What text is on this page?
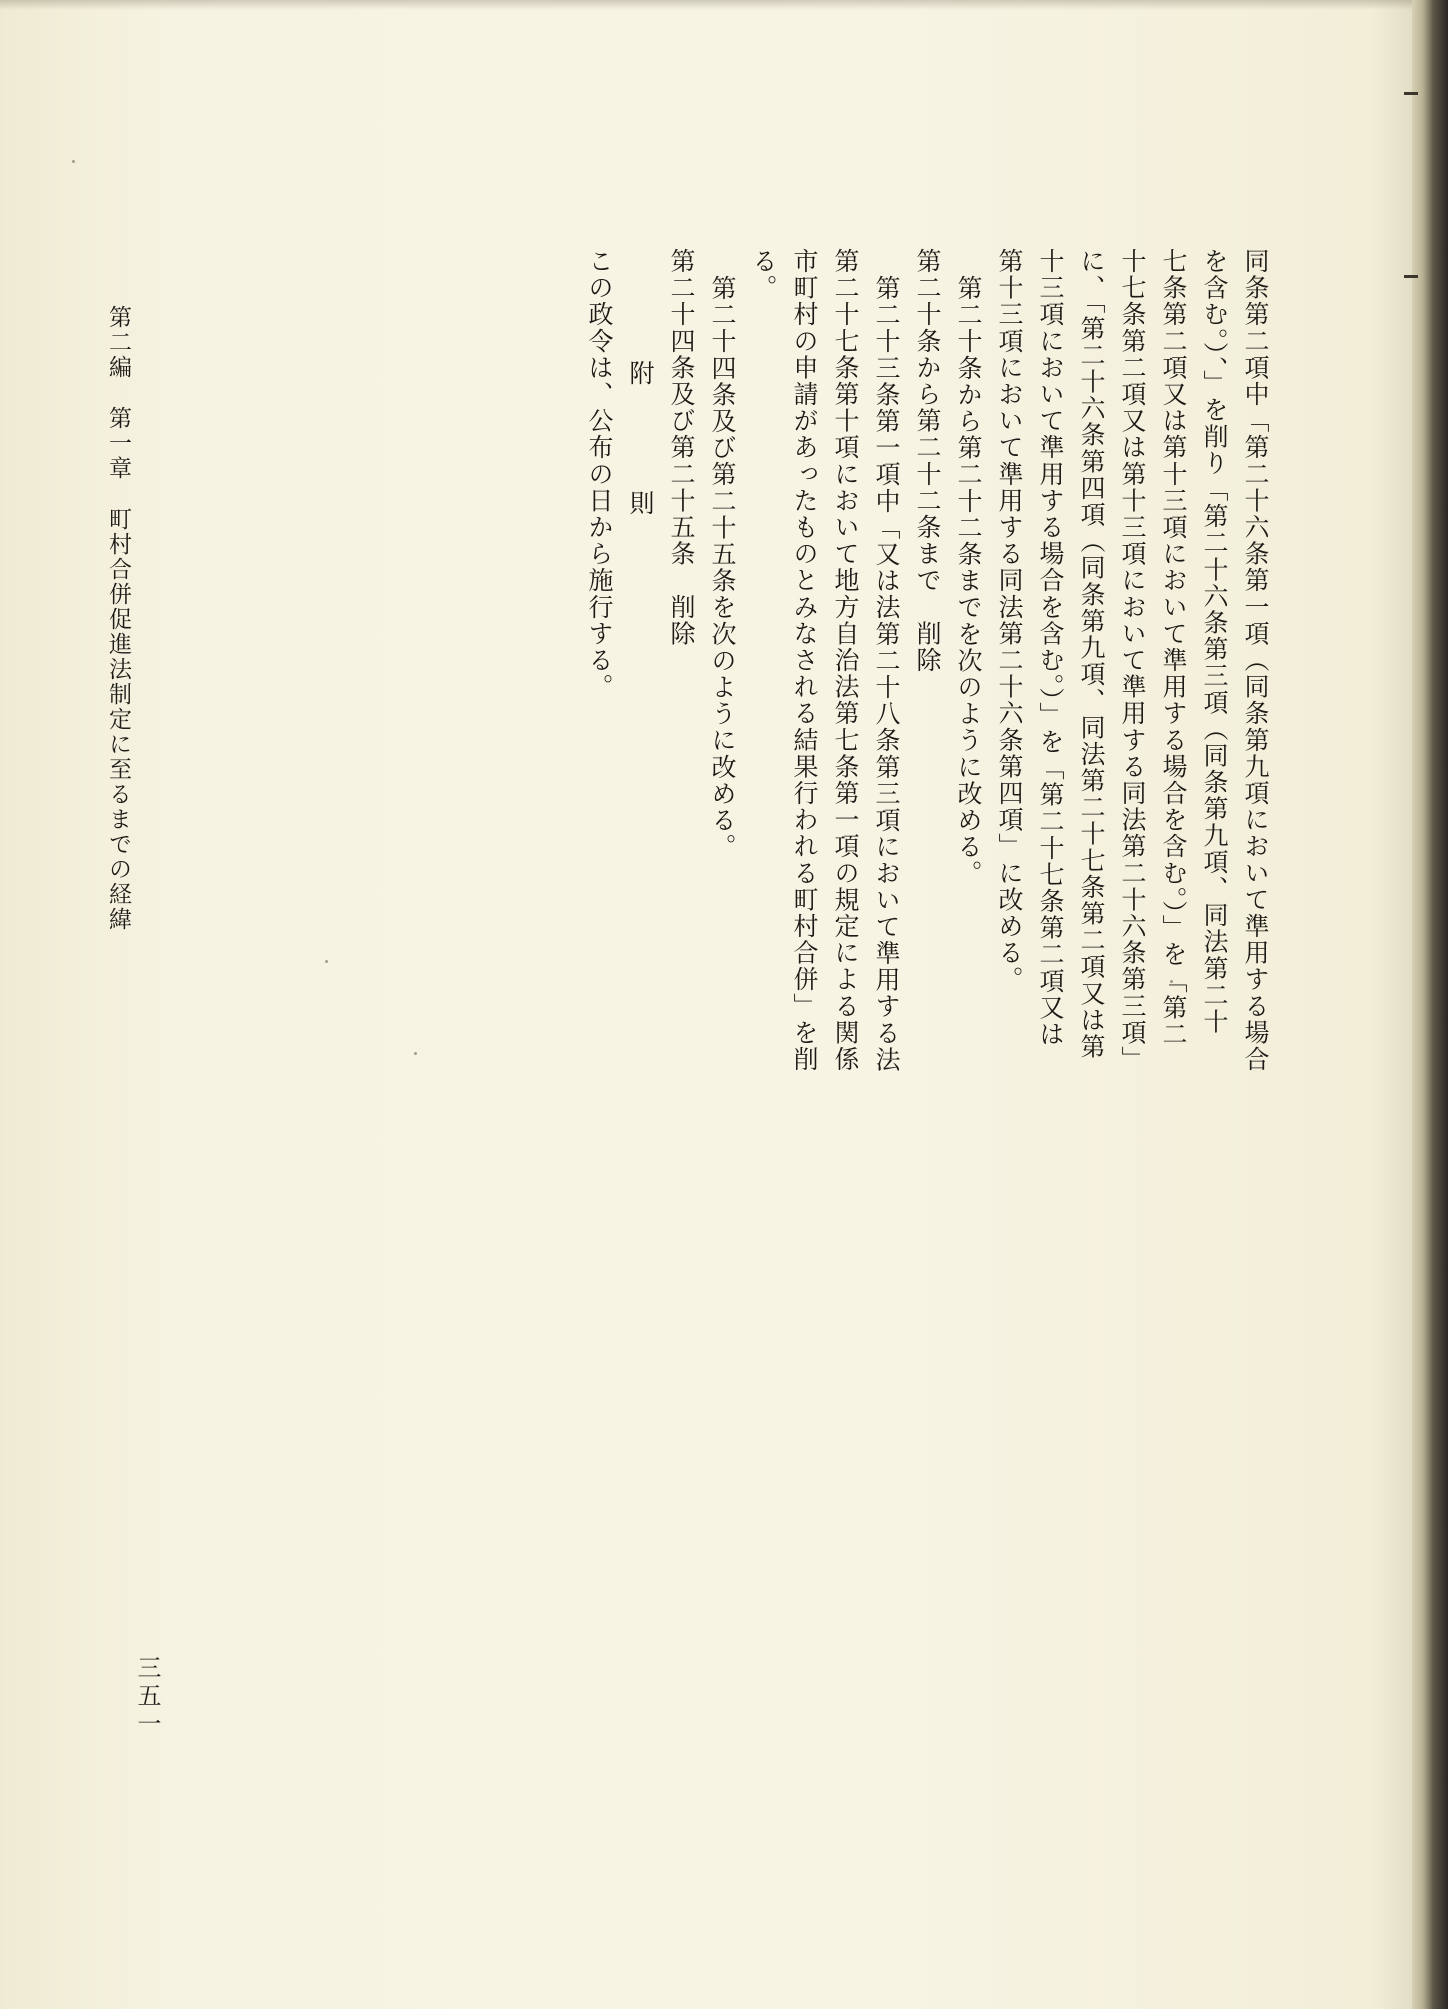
同条第二項中「第二十六条第一項（同条第九項において準用する場合
を含む。）、」を削り「第二十六条第三項（同条第九項、同法第二十
七条第二項又は第十三項において準用する場合を含む。）」を「第二
十七条第二項又は第十三項において準用する同法第二十六条第三項」
に、「第二十六条第四項（同条第九項、同法第二十七条第二項又は第
十三項において準用する場合を含む。）」を「第二十七条第二項又は
第十三項において準用する同法第二十六条第四項」に改める。
第二十条から第二十二条までを次のように改める。
第二十条から第二十二条まで　削除
第二十三条第一項中「又は法第二十八条第三項において準用する法
第二十七条第十項において地方自治法第七条第一項の規定による関係
市町村の申請があったものとみなされる結果行われる町村合併」を削
る。
第二十四条及び第二十五条を次のように改める。
第二十四条及び第二十五条　削除
附　則
この政令は、公布の日から施行する。
第二編第一章町村合併促進法制定に至るまでの経緯
三五一
